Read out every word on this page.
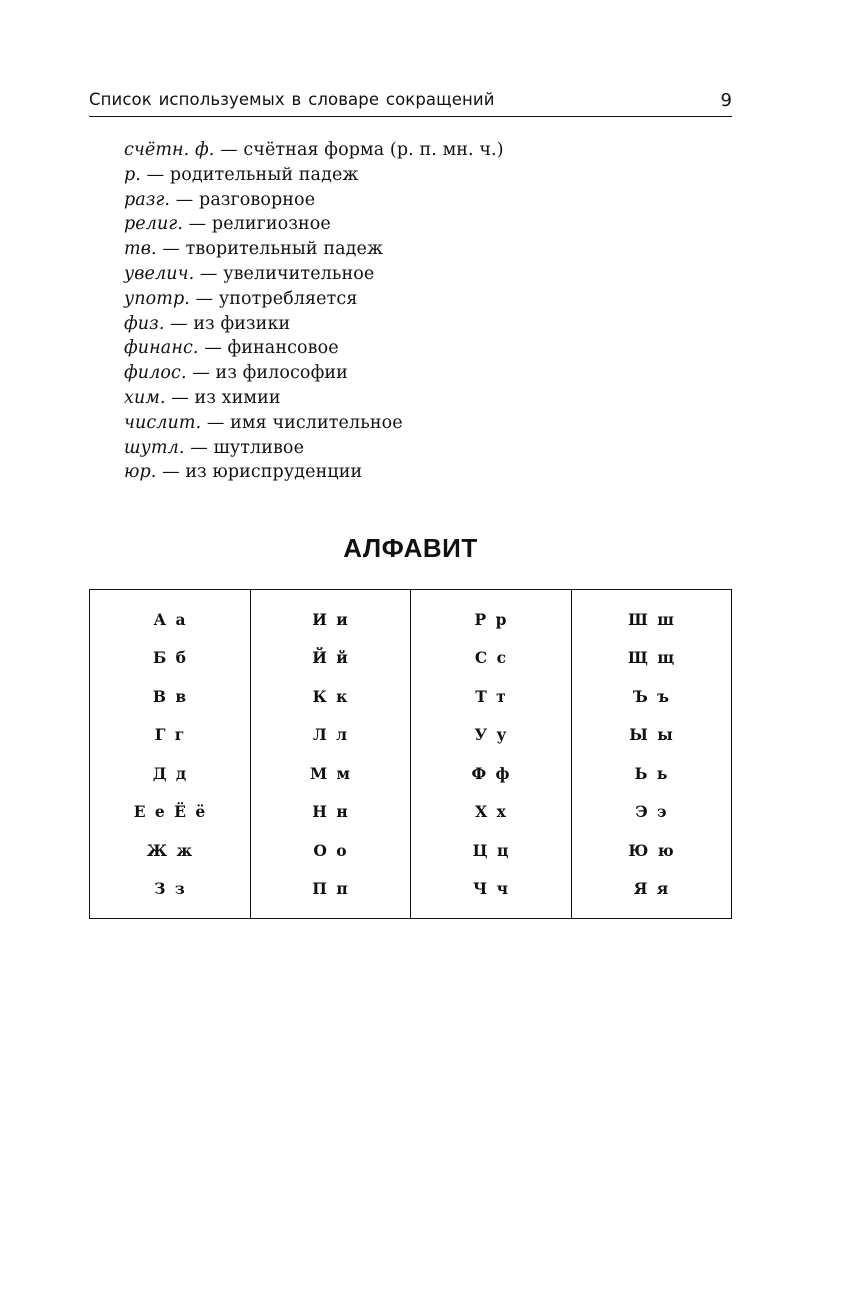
Список используемых в словаре сокращений	9
счётн. ф. — счётная форма (р. п. мн. ч.)
р. — родительный падеж
разг. — разговорное
религ. — религиозное
тв. — творительный падеж
увелич. — увеличительное
употр. — употребляется
физ. — из физики
финанс. — финансовое
филос. — из философии
хим. — из химии
числит. — имя числительное
шутл. — шутливое
юр. — из юриспруденции
АЛФАВИТ
А а	И и	Р р	Ш ш
Б б	Й й	С с	Щ щ
В в	К к	Т т	Ъ ъ
Г г	Л л	У у	Ы ы
Д д	М м	Ф ф	Ь ь
Е е Ё ё	Н н	Х х	Э э
Ж ж	О о	Ц ц	Ю ю
З з	П п	Ч ч	Я я
